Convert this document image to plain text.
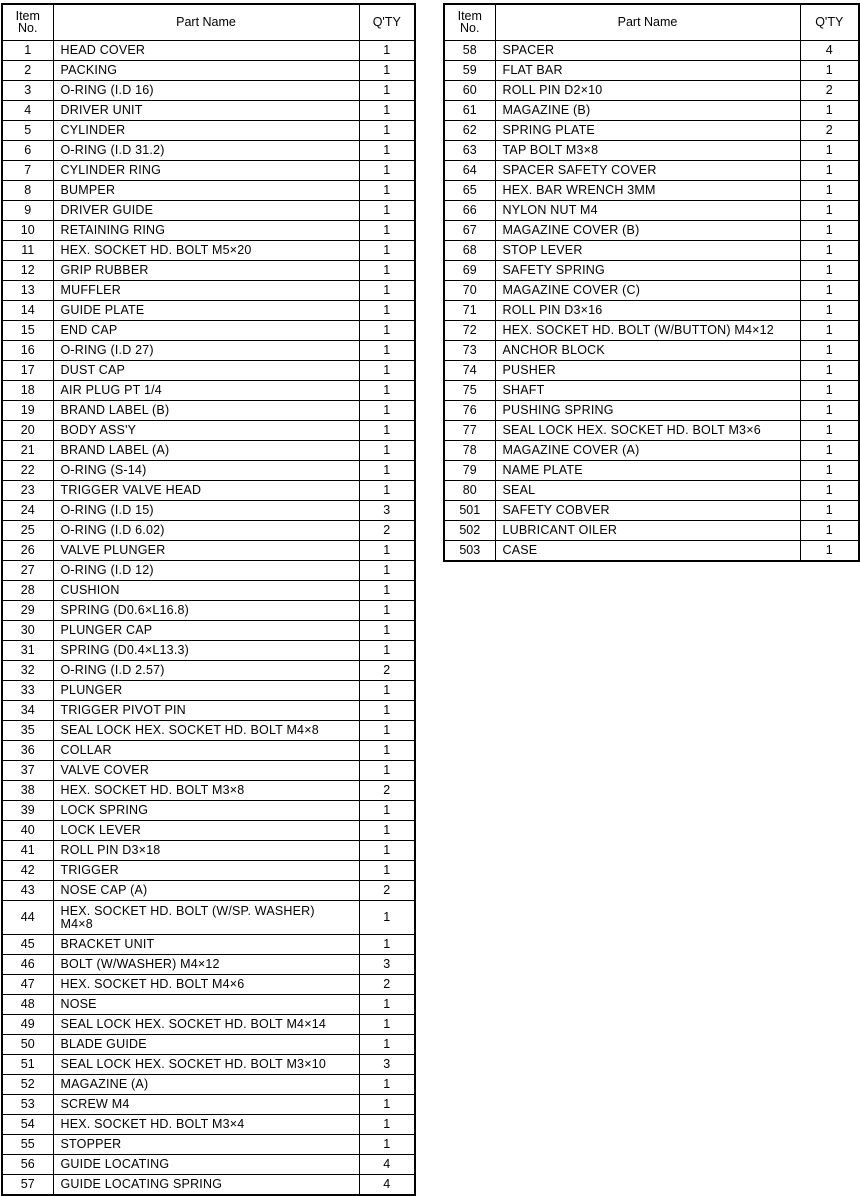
Item
No.	Part Name	Q'TY
1	HEAD COVER	1
2	PACKING	1
3	O-RING (I.D 16)	1
4	DRIVER UNIT	1
5	CYLINDER	1
6	O-RING (I.D 31.2)	1
7	CYLINDER RING	1
8	BUMPER	1
9	DRIVER GUIDE	1
10	RETAINING RING	1
11	HEX. SOCKET HD. BOLT M5×20	1
12	GRIP RUBBER	1
13	MUFFLER	1
14	GUIDE PLATE	1
15	END CAP	1
16	O-RING (I.D 27)	1
17	DUST CAP	1
18	AIR PLUG PT 1/4	1
19	BRAND LABEL (B)	1
20	BODY ASS'Y	1
21	BRAND LABEL (A)	1
22	O-RING (S-14)	1
23	TRIGGER VALVE HEAD	1
24	O-RING (I.D 15)	3
25	O-RING (I.D 6.02)	2
26	VALVE PLUNGER	1
27	O-RING (I.D 12)	1
28	CUSHION	1
29	SPRING (D0.6×L16.8)	1
30	PLUNGER CAP	1
31	SPRING (D0.4×L13.3)	1
32	O-RING (I.D 2.57)	2
33	PLUNGER	1
34	TRIGGER PIVOT PIN	1
35	SEAL LOCK HEX. SOCKET HD. BOLT M4×8	1
36	COLLAR	1
37	VALVE COVER	1
38	HEX. SOCKET HD. BOLT M3×8	2
39	LOCK SPRING	1
40	LOCK LEVER	1
41	ROLL PIN D3×18	1
42	TRIGGER	1
43	NOSE CAP (A)	2
44	HEX. SOCKET HD. BOLT (W/SP. WASHER)
M4×8	1
45	BRACKET UNIT	1
46	BOLT (W/WASHER) M4×12	3
47	HEX. SOCKET HD. BOLT M4×6	2
48	NOSE	1
49	SEAL LOCK HEX. SOCKET HD. BOLT M4×14	1
50	BLADE GUIDE	1
51	SEAL LOCK HEX. SOCKET HD. BOLT M3×10	3
52	MAGAZINE (A)	1
53	SCREW M4	1
54	HEX. SOCKET HD. BOLT M3×4	1
55	STOPPER	1
56	GUIDE LOCATING	4
57	GUIDE LOCATING SPRING	4
Item
No.	Part Name	Q'TY
58	SPACER	4
59	FLAT BAR	1
60	ROLL PIN D2×10	2
61	MAGAZINE (B)	1
62	SPRING PLATE	2
63	TAP BOLT M3×8	1
64	SPACER SAFETY COVER	1
65	HEX. BAR WRENCH 3MM	1
66	NYLON NUT M4	1
67	MAGAZINE COVER (B)	1
68	STOP LEVER	1
69	SAFETY SPRING	1
70	MAGAZINE COVER (C)	1
71	ROLL PIN D3×16	1
72	HEX. SOCKET HD. BOLT (W/BUTTON) M4×12	1
73	ANCHOR BLOCK	1
74	PUSHER	1
75	SHAFT	1
76	PUSHING SPRING	1
77	SEAL LOCK HEX. SOCKET HD. BOLT M3×6	1
78	MAGAZINE COVER (A)	1
79	NAME PLATE	1
80	SEAL	1
501	SAFETY COBVER	1
502	LUBRICANT OILER	1
503	CASE	1
